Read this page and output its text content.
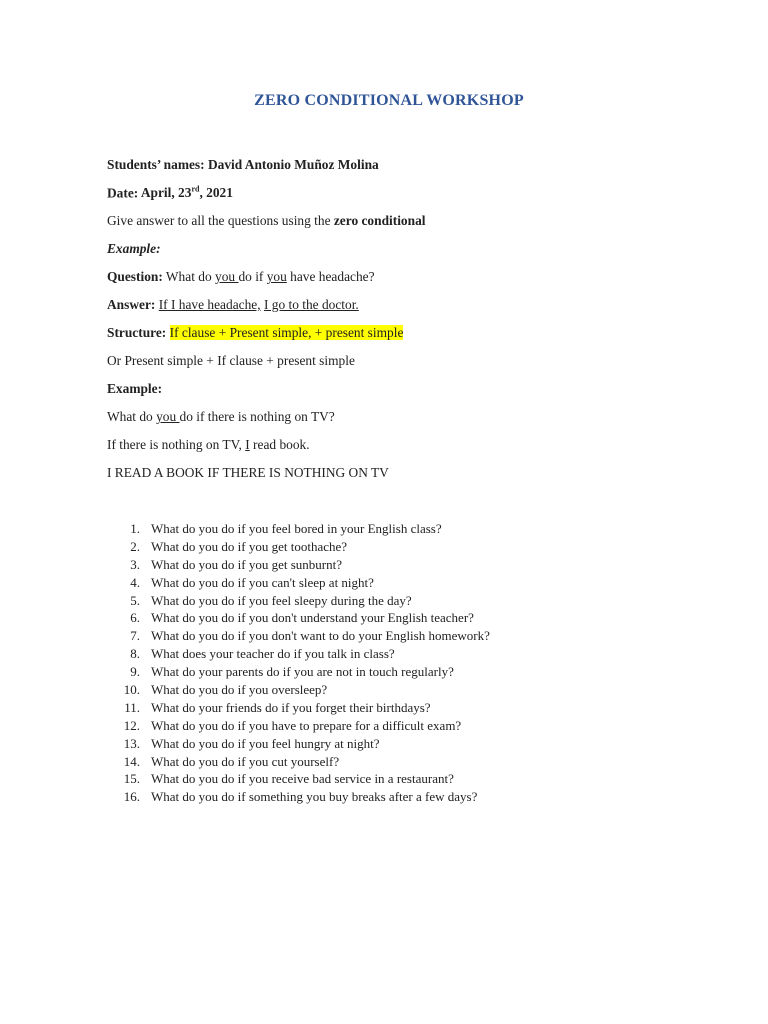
ZERO CONDITIONAL WORKSHOP
Students’ names: David Antonio Muñoz Molina
Date: April, 23rd, 2021
Give answer to all the questions using the zero conditional
Example:
Question: What do you do if you have headache?
Answer: If I have headache, I go to the doctor.
Structure: If clause + Present simple, + present simple
Or Present simple + If clause + present simple
Example:
What do you do if there is nothing on TV?
If there is nothing on TV, I read book.
I READ A BOOK IF THERE IS NOTHING ON TV
1. What do you do if you feel bored in your English class?
2. What do you do if you get toothache?
3. What do you do if you get sunburnt?
4. What do you do if you can't sleep at night?
5. What do you do if you feel sleepy during the day?
6. What do you do if you don't understand your English teacher?
7. What do you do if you don't want to do your English homework?
8. What does your teacher do if you talk in class?
9. What do your parents do if you are not in touch regularly?
10. What do you do if you oversleep?
11. What do your friends do if you forget their birthdays?
12. What do you do if you have to prepare for a difficult exam?
13. What do you do if you feel hungry at night?
14. What do you do if you cut yourself?
15. What do you do if you receive bad service in a restaurant?
16. What do you do if something you buy breaks after a few days?
